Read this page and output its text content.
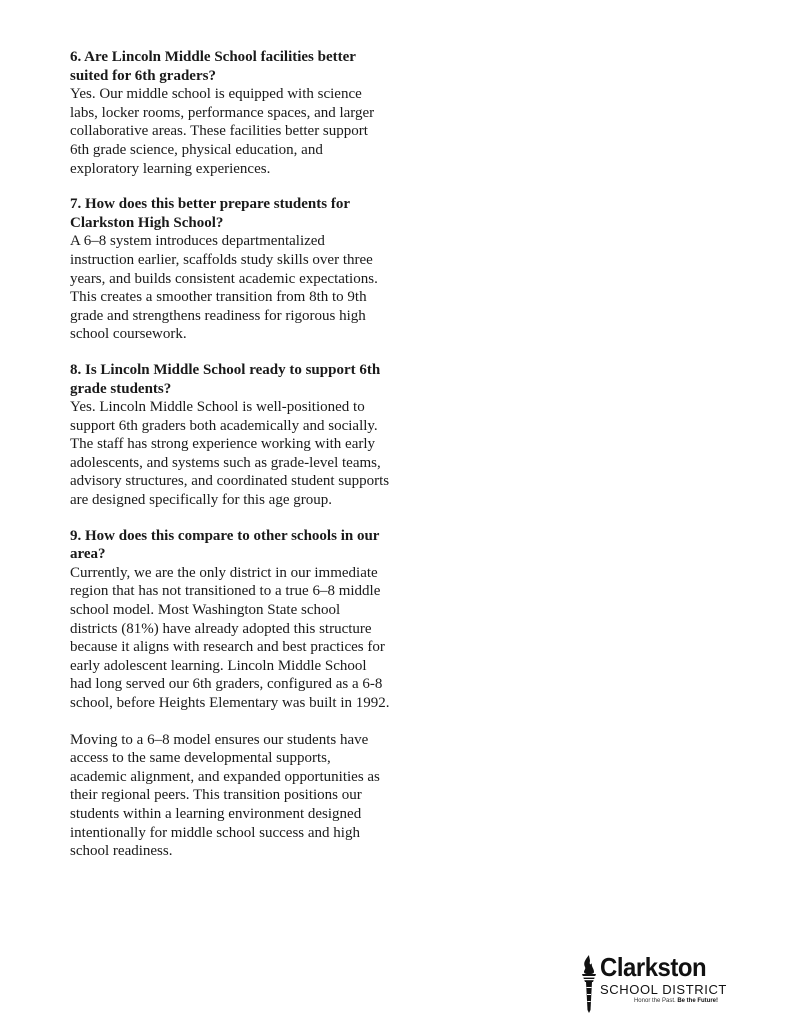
6. Are Lincoln Middle School facilities better suited for 6th graders?

Yes. Our middle school is equipped with science labs, locker rooms, performance spaces, and larger collaborative areas. These facilities better support 6th grade science, physical education, and exploratory learning experiences.

7. How does this better prepare students for Clarkston High School?

A 6–8 system introduces departmentalized instruction earlier, scaffolds study skills over three years, and builds consistent academic expectations. This creates a smoother transition from 8th to 9th grade and strengthens readiness for rigorous high school coursework.

8. Is Lincoln Middle School ready to support 6th grade students?

Yes. Lincoln Middle School is well-positioned to support 6th graders both academically and socially. The staff has strong experience working with early adolescents, and systems such as grade-level teams, advisory structures, and coordinated student supports are designed specifically for this age group.

9. How does this compare to other schools in our area?

Currently, we are the only district in our immediate region that has not transitioned to a true 6–8 middle school model. Most Washington State school districts (81%) have already adopted this structure because it aligns with research and best practices for early adolescent learning. Lincoln Middle School had long served our 6th graders, configured as a 6-8 school, before Heights Elementary was built in 1992.

Moving to a 6–8 model ensures our students have access to the same developmental supports, academic alignment, and expanded opportunities as their regional peers. This transition positions our students within a learning environment designed intentionally for middle school success and high school readiness.

Clarkston
SCHOOL DISTRICT
Honor the Past. Be the Future!
